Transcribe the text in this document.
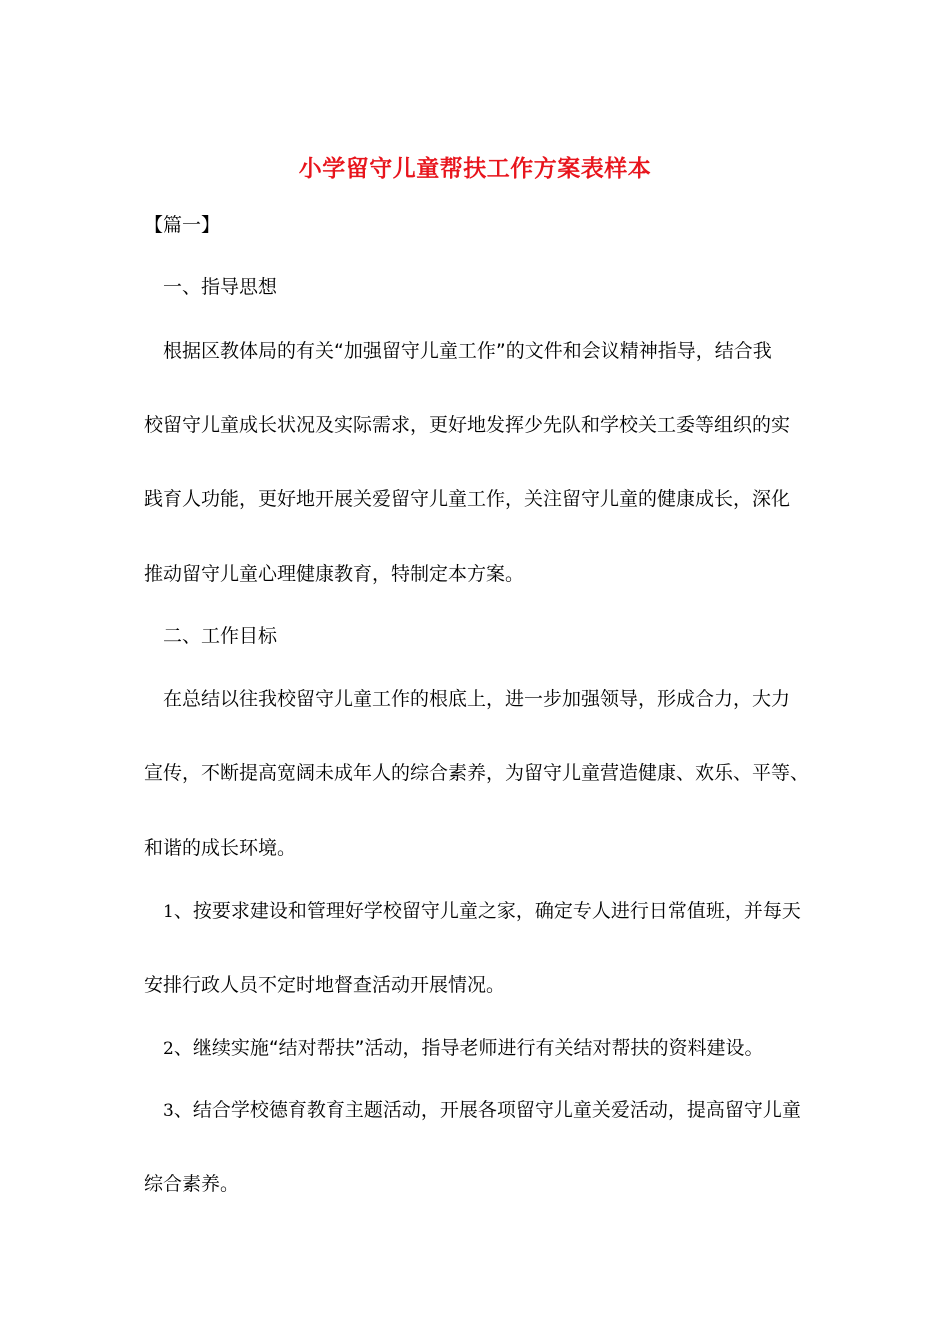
小学留守儿童帮扶工作方案表样本
【篇一】
一、指导思想
根据区教体局的有关“加强留守儿童工作”的文件和会议精神指导，结合我
校留守儿童成长状况及实际需求，更好地发挥少先队和学校关工委等组织的实
践育人功能，更好地开展关爱留守儿童工作，关注留守儿童的健康成长，深化
推动留守儿童心理健康教育，特制定本方案。
二、工作目标
在总结以往我校留守儿童工作的根底上，进一步加强领导，形成合力，大力
宣传，不断提高宽阔未成年人的综合素养，为留守儿童营造健康、欢乐、平等、
和谐的成长环境。
1、按要求建设和管理好学校留守儿童之家，确定专人进行日常值班，并每天
安排行政人员不定时地督查活动开展情况。
2、继续实施“结对帮扶”活动，指导老师进行有关结对帮扶的资料建设。
3、结合学校德育教育主题活动，开展各项留守儿童关爱活动，提高留守儿童
综合素养。
